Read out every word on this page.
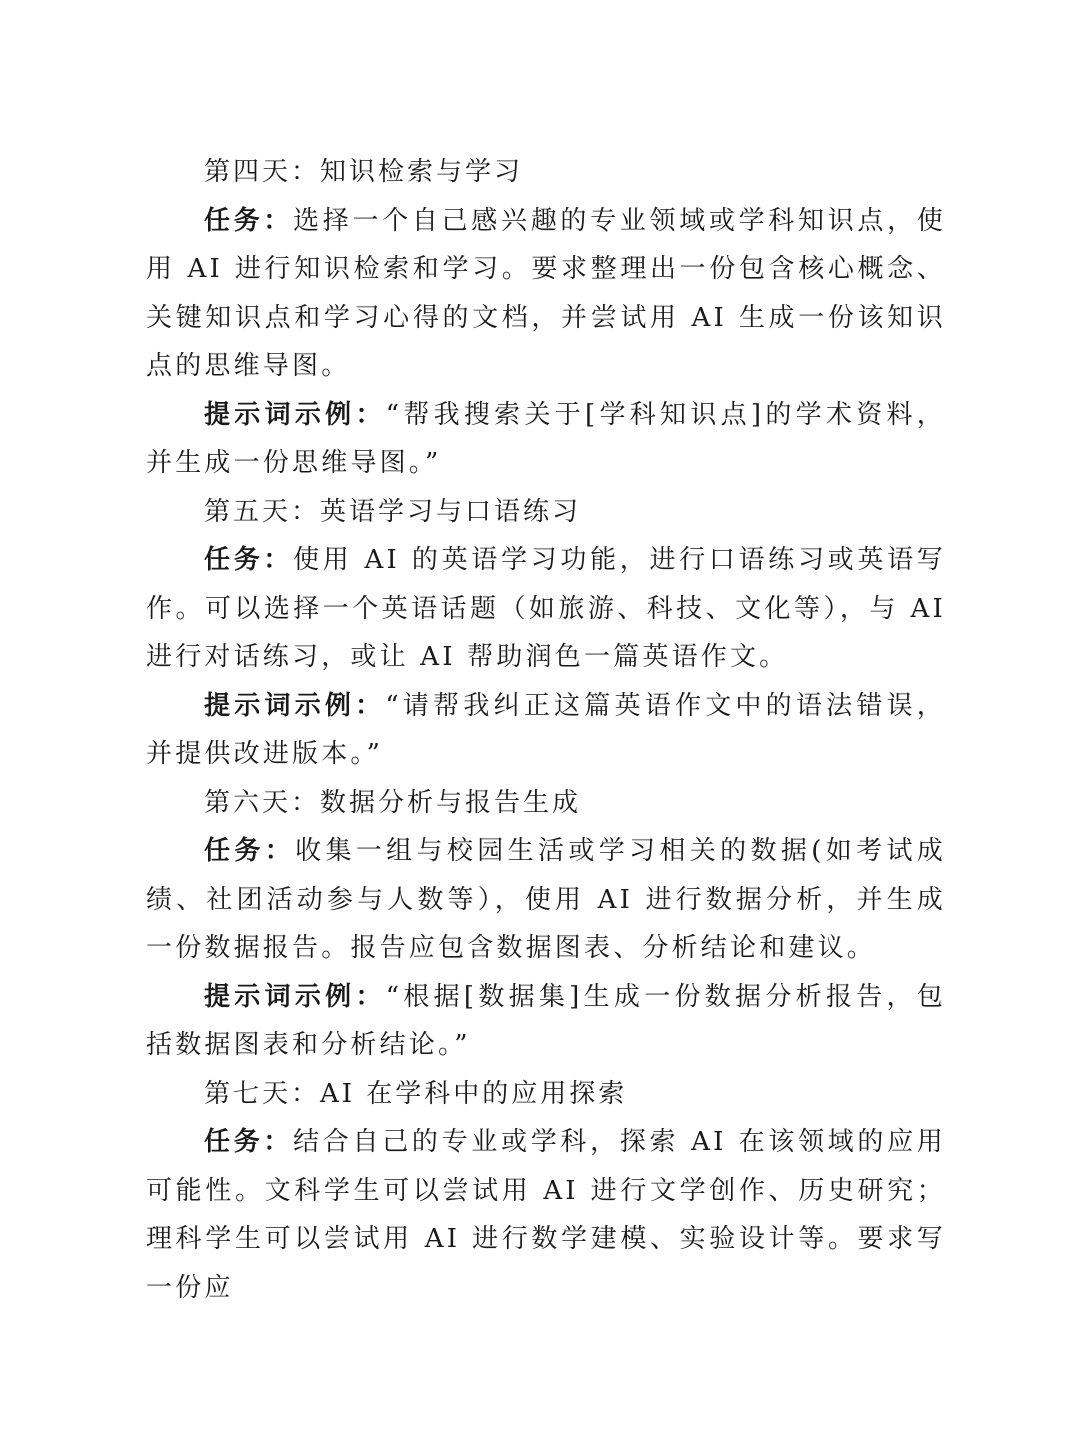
第四天：知识检索与学习

任务：选择一个自己感兴趣的专业领域或学科知识点，使用 AI 进行知识检索和学习。要求整理出一份包含核心概念、关键知识点和学习心得的文档，并尝试用 AI 生成一份该知识点的思维导图。

提示词示例：“帮我搜索关于[学科知识点]的学术资料，并生成一份思维导图。”

第五天：英语学习与口语练习

任务：使用 AI 的英语学习功能，进行口语练习或英语写作。可以选择一个英语话题（如旅游、科技、文化等），与 AI 进行对话练习，或让 AI 帮助润色一篇英语作文。

提示词示例：“请帮我纠正这篇英语作文中的语法错误，并提供改进版本。”

第六天：数据分析与报告生成

任务：收集一组与校园生活或学习相关的数据(如考试成绩、社团活动参与人数等），使用 AI 进行数据分析，并生成一份数据报告。报告应包含数据图表、分析结论和建议。

提示词示例：“根据[数据集]生成一份数据分析报告，包括数据图表和分析结论。”

第七天：AI 在学科中的应用探索

任务：结合自己的专业或学科，探索 AI 在该领域的应用可能性。文科学生可以尝试用 AI 进行文学创作、历史研究；理科学生可以尝试用 AI 进行数学建模、实验设计等。要求写一份应
